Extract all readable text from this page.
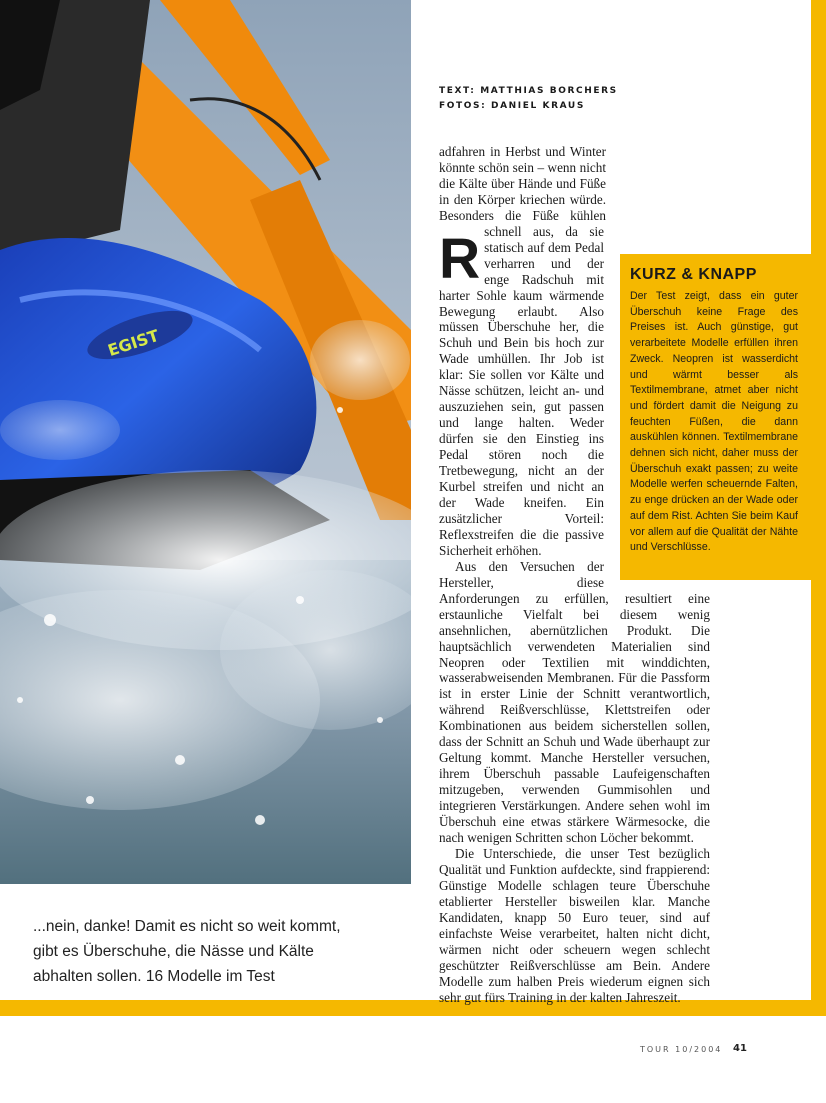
EGIST
TEXT: MATTHIAS BORCHERS
FOTOS: DANIEL KRAUS

R
adfahren in Herbst und Winter könnte schön sein – wenn nicht die Kälte über Hände und Füße in den Körper kriechen würde. Besonders die Füße kühlen schnell aus, da sie statisch auf dem Pedal verharren und der enge Radschuh mit harter Sohle kaum wärmende Bewegung erlaubt. Also müssen Überschuhe her, die Schuh und Bein bis hoch zur Wade umhüllen. Ihr Job ist klar: Sie sollen vor Kälte und Nässe schützen, leicht an- und auszuziehen sein, gut passen und lange halten. Weder dürfen sie den Einstieg ins Pedal stören noch die Tretbewegung, nicht an der Kurbel streifen und nicht an der Wade kneifen. Ein zusätzlicher Vorteil: Reflexstreifen die die passive Sicherheit erhöhen.

Aus den Versuchen der Hersteller, diese Anforderungen zu erfüllen, resultiert eine erstaunliche Vielfalt bei diesem wenig ansehnlichen, abernützlichen Produkt. Die hauptsächlich verwendeten Materialien sind Neopren oder Textilien mit winddichten, wasserabweisenden Membranen. Für die Passform ist in erster Linie der Schnitt verantwortlich, während Reißverschlüsse, Klettstreifen oder Kombinationen aus beidem sicherstellen sollen, dass der Schnitt an Schuh und Wade überhaupt zur Geltung kommt. Manche Hersteller versuchen, ihrem Überschuh passable Laufeigenschaften mitzugeben, verwenden Gummisohlen und integrieren Verstärkungen. Andere sehen wohl im Überschuh eine etwas stärkere Wärmesocke, die nach wenigen Schritten schon Löcher bekommt.

Die Unterschiede, die unser Test bezüglich Qualität und Funktion aufdeckte, sind frappierend: Günstige Modelle schlagen teure Überschuhe etablierter Hersteller bisweilen klar. Manche Kandidaten, knapp 50 Euro teuer, sind auf einfachste Weise verarbeitet, halten nicht dicht, wärmen nicht oder scheuern wegen schlecht geschützter Reißverschlüsse am Bein. Andere Modelle zum halben Preis wiederum eignen sich sehr gut fürs Training in der kalten Jahreszeit.

KURZ & KNAPP
Der Test zeigt, dass ein guter Überschuh keine Frage des Preises ist. Auch günstige, gut verarbeitete Modelle erfüllen ihren Zweck. Neopren ist wasserdicht und wärmt besser als Textilmembrane, atmet aber nicht und fördert damit die Neigung zu feuchten Füßen, die dann auskühlen können. Textilmembrane dehnen sich nicht, daher muss der Überschuh exakt passen; zu weite Modelle werfen scheuernde Falten, zu enge drücken an der Wade oder auf dem Rist. Achten Sie beim Kauf vor allem auf die Qualität der Nähte und Verschlüsse.
...nein, danke! Damit es nicht so weit kommt, gibt es Überschuhe, die Nässe und Kälte abhalten sollen. 16 Modelle im Test
TOUR 10/2004	41
